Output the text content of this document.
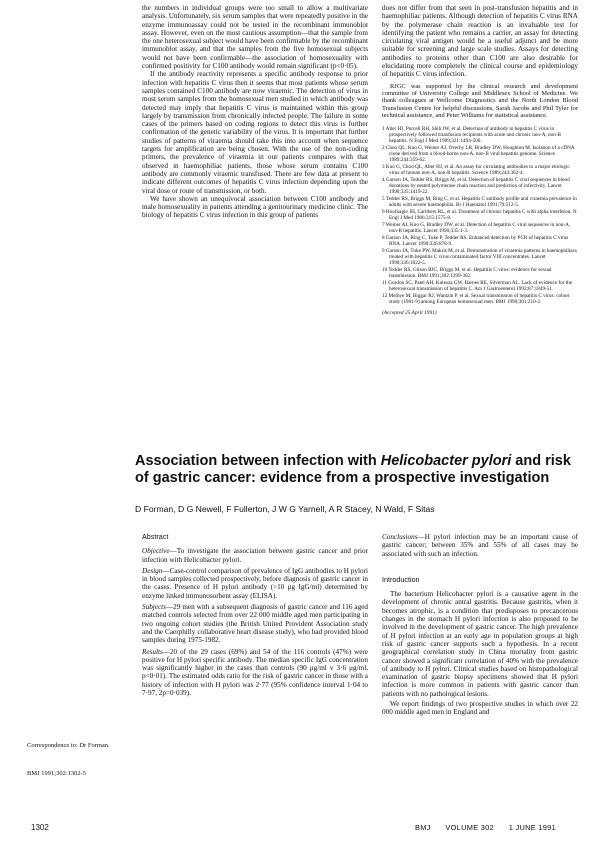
the numbers in individual groups were too small to allow a multivariate analysis. Unfortunately, six serum samples that were repeatedly positive in the enzyme immunoassay could not be tested in the recombinant immunoblot assay. However, even on the most cautious assumption—that the sample from the one heterosexual subject would have been confirmable by the recombinant immunoblot assay, and that the samples from the five homosexual subjects would not have been confirmable—the association of homosexuality with confirmed positivity for C100 antibody would remain significant (p<0·05).

If the antibody reactivity represents a specific antibody response to prior infection with hepatitis C virus then it seems that most patients whose serum samples contained C100 antibody are now viraemic. The detection of virus in most serum samples from the homosexual men studied in which antibody was detected may imply that hepatitis C virus is maintained within this group largely by transmission from chronically infected people. The failure in some cases of the primers based on coding regions to detect this virus is further confirmation of the genetic variability of the virus. It is important that further studies of patterns of viraemia should take this into account when sequence targets for amplification are being chosen. With the use of the non-coding primers, the prevalence of viraemia in our patients compares with that observed in haemophiliac patients, those whose serum contains C100 antibody are commonly viraemic transfused. There are few data at present to indicate different outcomes of hepatitis C virus infection depending upon the viral dose or route of transmission, or both.

We have shown an unequivocal association between C100 antibody and male homosexuality in patients attending a genitourinary medicine clinic. The biology of hepatitis C virus infection in this group of patients

does not differ from that seen in post-transfusion hepatitis and in haemophiliac patients. Although detection of hepatitis C virus RNA by the polymerase chain reaction is an invaluable test for identifying the patient who remains a carrier, an assay for detecting circulating viral antigen would be a useful adjunct and be more suitable for screening and large scale studies. Assays for detecting antibodies to proteins other than C100 are also desirable for elucidating more completely the clinical course and epidemiology of hepatitis C virus infection.

RJGC was supported by the clinical research and development committee of University College and Middlesex School of Medicine. We thank colleagues at Wellcome Diagnostics and the North London Blood Transfusion Centre for helpful discussions, Sarah Jacobs and Phil Tyler for technical assistance, and Peter Williams for statistical assistance.

1 Alter HJ, Purcell RH, Shih JW, et al. Detection of antibody to hepatitis C virus in prospectively followed transfusion recipients with acute and chronic non-A, non-B hepatitis. N Engl J Med 1989;321:1494-500.
2 Choo QL, Kuo G, Weiner AJ, Overby LR, Bradley DW, Houghton M. Isolation of a cDNA clone derived from a blood-borne non-A, non-B viral hepatitis genome. Science 1989;244:359-62.
3 Kuo G, Choo QL, Alter HJ, et al. An assay for circulating antibodies to a major etiologic virus of human non-A, non-B hepatitis. Science 1989;244:362-4.
4 Garson JA, Tedder RS, Briggs M, et al. Detection of hepatitis C viral sequences in blood donations by nested polymerase chain reaction and prediction of infectivity. Lancet 1990;335:1419-22.
5 Tedder RS, Briggs M, Ring C, et al. Hepatitis C antibody profile and viraemia prevalence in adults with severe haemophilia. Br J Haematol 1991;79:512-5.
6 Hoofnagle JH, Carithers RL, et al. Treatment of chronic hepatitis C with alpha interferon. N Engl J Med 1986;315:1575-8.
7 Weiner AJ, Kuo G, Bradley DW, et al. Detection of hepatitis C viral sequences in non-A, non-B hepatitis. Lancet 1990;335:1-3.
8 Garson JA, Ring C, Tuke P, Tedder RS. Enhanced detection by PCR of hepatitis C virus RNA. Lancet 1990;336:878-9.
9 Garson JA, Tuke PW, Makris M, et al. Demonstration of viraemia patterns in haemophiliacs treated with hepatitis C virus contaminated factor VIII concentrates. Lancet 1990;336:1022-5.
10 Tedder RS, Gilson RJC, Briggs M, et al. Hepatitis C virus: evidence for sexual transmission. BMJ 1991;302:1299-302.
11 Gordon SC, Patel AH, Kulesza GW, Barnes RE, Silverman AL. Lack of evidence for the heterosexual transmission of hepatitis C. Am J Gastroenterol 1992;87:1849-51.
12 Melbye M, Biggar RJ, Wantzin P, et al. Sexual transmission of hepatitis C virus: cohort study (1981-9) among European homosexual men. BMJ 1990;301:210-2.
(Accepted 25 April 1991)
Association between infection with Helicobacter pylori and risk of gastric cancer: evidence from a prospective investigation
D Forman, D G Newell, F Fullerton, J W G Yarnell, A R Stacey, N Wald, F Sitas
Abstract

Objective—To investigate the association between gastric cancer and prior infection with Helicobacter pylori.

Design—Case-control comparison of prevalence of IgG antibodies to H pylori in blood samples collected prospectively, before diagnosis of gastric cancer in the cases. Presence of H pylori antibody (>10 μg IgG/ml) determined by enzyme linked immunosorbent assay (ELISA).

Subjects—29 men with a subsequent diagnosis of gastric cancer and 116 aged matched controls selected from over 22 000 middle aged men participating in two ongoing cohort studies (the British United Provident Association study and the Caerphilly collaborative heart disease study), who had provided blood samples during 1975-1982.

Results—20 of the 29 cases (69%) and 54 of the 116 controls (47%) were positive for H pylori specific antibody. The median specific IgG concentration was significantly higher in the cases than controls (90 μg/ml v 3·6 μg/ml, p<0·01). The estimated odds ratio for the risk of gastric cancer in those with a history of infection with H pylori was 2·77 (95% confidence interval 1·04 to 7·97, 2p=0·039).

Conclusions—H pylori infection may be an important cause of gastric cancer; between 35% and 55% of all cases may be associated with such an infection.

Introduction

The bacterium Helicobacter pylori is a causative agent in the development of chronic antral gastritis. Because gastritis, when it becomes atrophic, is a condition that predisposes to precancerous changes in the stomach H pylori infection is also proposed to be involved in the development of gastric cancer. The high prevalence of H pylori infection at an early age in population groups at high risk of gastric cancer supports such a hypothesis. In a recent geographical correlation study in China mortality from gastric cancer showed a significant correlation of 40% with the prevalence of antibody to H pylori. Clinical studies based on histopathological examination of gastric biopsy specimens showed that H pylori infection is more common in patients with gastric cancer than patients with no pathological lesions.

We report findings of two prospective studies in which over 22 000 middle aged men in England and

Correspondence to: Dr Forman.
BMJ 1991;302:1302-5
1302	BMJ VOLUME 302 1 JUNE 1991
